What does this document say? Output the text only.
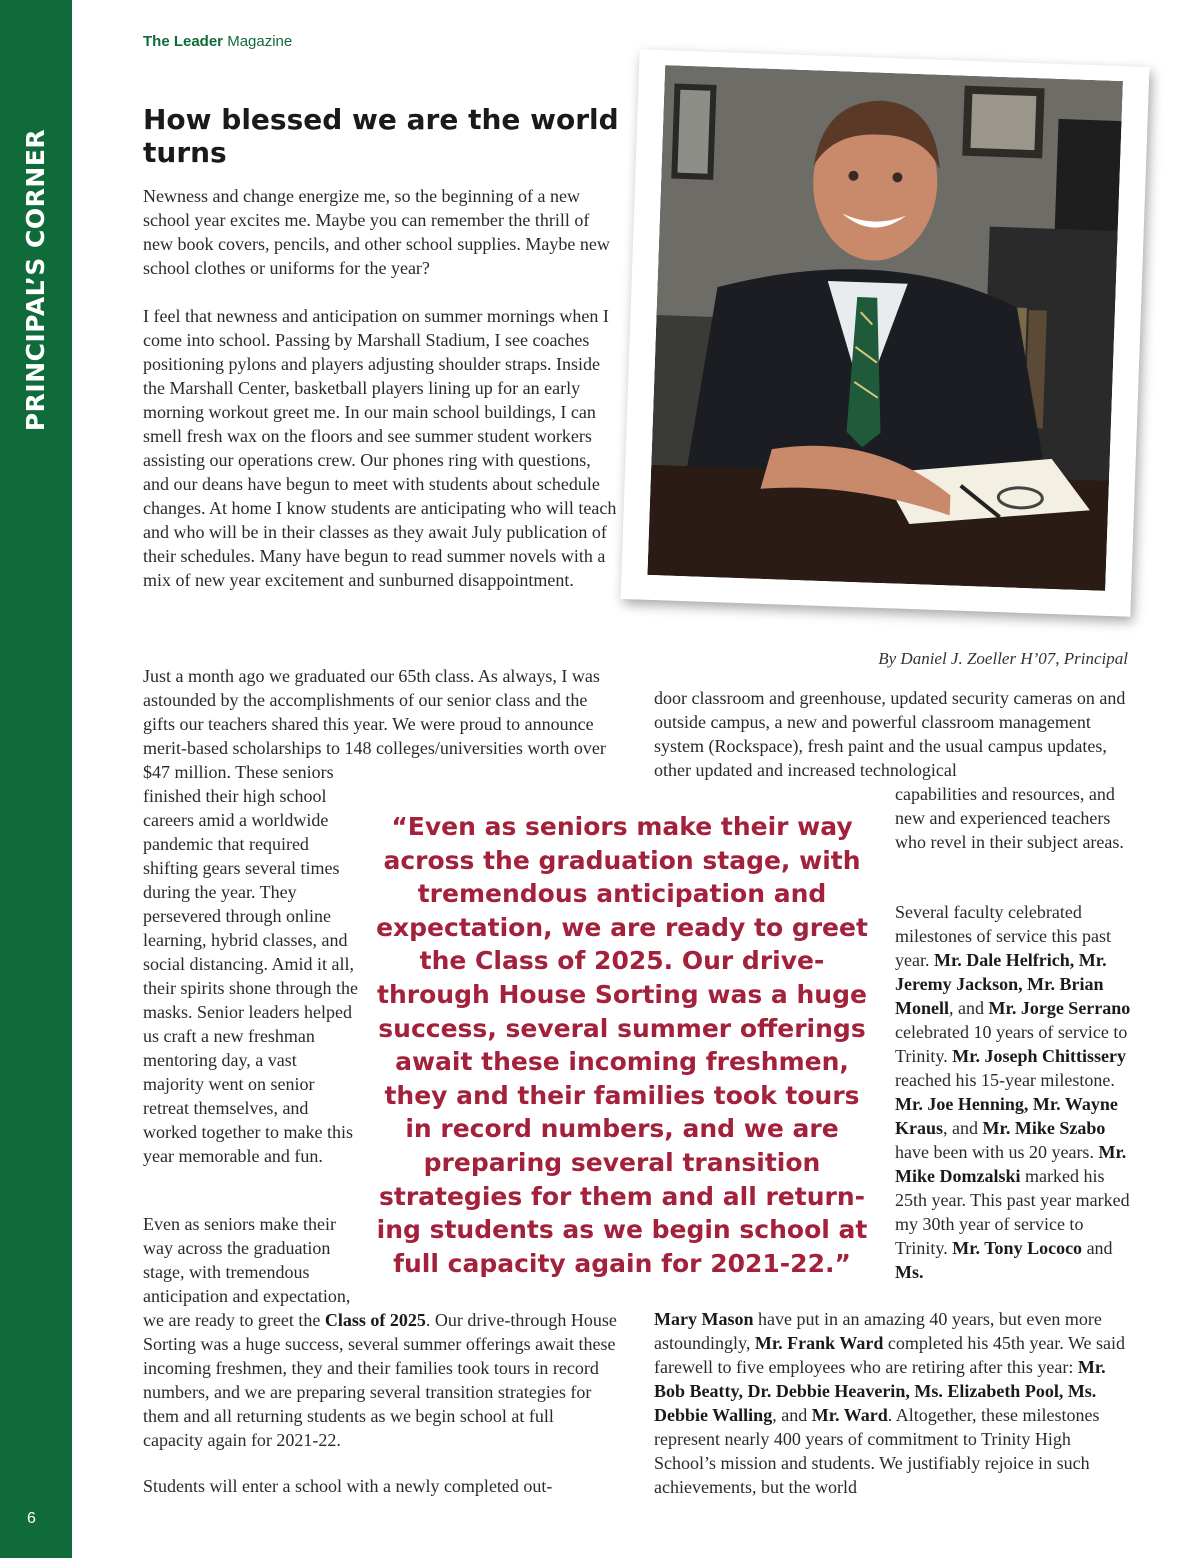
PRINCIPAL’S CORNER
6
The Leader Magazine
How blessed we are the world turns

Newness and change energize me, so the beginning of a new school year excites me. Maybe you can remember the thrill of new book covers, pencils, and other school supplies. Maybe new school clothes or uniforms for the year?

I feel that newness and anticipation on summer mornings when I come into school. Passing by Marshall Stadium, I see coaches positioning pylons and players adjusting shoulder straps. Inside the Marshall Center, basketball players lining up for an early morning workout greet me. In our main school buildings, I can smell fresh wax on the floors and see summer student workers assisting our operations crew. Our phones ring with questions, and our deans have begun to meet with students about schedule changes. At home I know students are anticipating who will teach and who will be in their classes as they await July publication of their schedules. Many have begun to read summer novels with a mix of new year excitement and sunburned disappointment.

Just a month ago we graduated our 65th class. As always, I was astounded by the accomplishments of our senior class and the gifts our teachers shared this year. We were proud to announce merit-based scholarships to 148 colleges/universities worth over $47 million. These seniors

finished their high school careers amid a worldwide pandemic that required shifting gears several times during the year. They persevered through online learning, hybrid classes, and social distancing. Amid it all, their spirits shone through the masks. Senior leaders helped us craft a new freshman mentoring day, a vast majority went on senior retreat themselves, and worked together to make this year memorable and fun.

Even as seniors make their way across the graduation stage, with tremendous anticipation and expectation,

we are ready to greet the Class of 2025. Our drive-through House Sorting was a huge success, several summer offerings await these incoming freshmen, they and their families took tours in record numbers, and we are preparing several transition strategies for them and all returning students as we begin school at full capacity again for 2021-22.

Students will enter a school with a newly completed out-

By Daniel J. Zoeller H’07, Principal

door classroom and greenhouse, updated security cameras on and outside campus, a new and powerful classroom management system (Rockspace), fresh paint and the usual campus updates, other updated and increased technological

capabilities and resources, and new and experienced teachers who revel in their subject areas.

Several faculty celebrated milestones of service this past year. Mr. Dale Helfrich, Mr. Jeremy Jackson, Mr. Brian Monell, and Mr. Jorge Serrano celebrated 10 years of service to Trinity. Mr. Joseph Chittissery reached his 15-year milestone. Mr. Joe Henning, Mr. Wayne Kraus, and Mr. Mike Szabo have been with us 20 years. Mr. Mike Domzalski marked his 25th year. This past year marked my 30th year of service to Trinity. Mr. Tony Lococo and Ms.

Mary Mason have put in an amazing 40 years, but even more astoundingly, Mr. Frank Ward completed his 45th year. We said farewell to five employees who are retiring after this year: Mr. Bob Beatty, Dr. Debbie Heaverin, Ms. Elizabeth Pool, Ms. Debbie Walling, and Mr. Ward. Altogether, these milestones represent nearly 400 years of commitment to Trinity High School’s mission and students. We justifiably rejoice in such achievements, but the world

“Even as seniors make their way across the graduation stage, with tremendous anticipation and expectation, we are ready to greet the Class of 2025. Our drive-through House Sorting was a huge success, several summer offerings await these incoming freshmen, they and their families took tours in record numbers, and we are preparing several transition strategies for them and all return-ing students as we begin school at full capacity again for 2021-22.”
